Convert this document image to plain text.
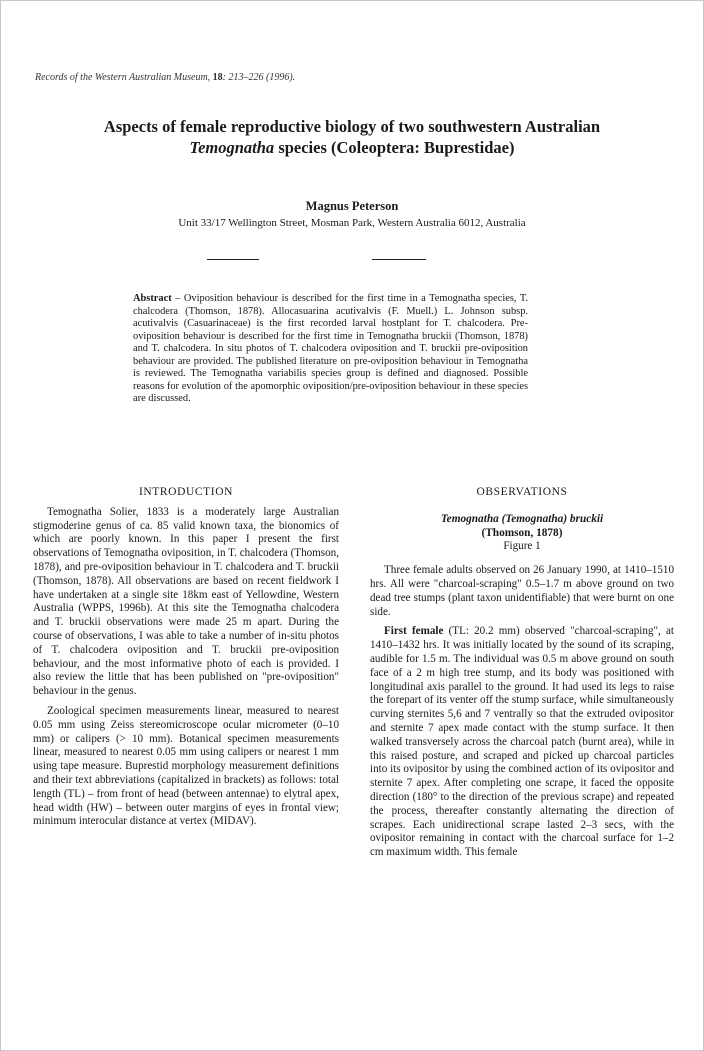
Records of the Western Australian Museum, 18: 213–226 (1996).
Aspects of female reproductive biology of two southwestern Australian
Temognatha species (Coleoptera: Buprestidae)
Magnus Peterson
Unit 33/17 Wellington Street, Mosman Park, Western Australia 6012, Australia
Abstract – Oviposition behaviour is described for the first time in a Temognatha species, T. chalcodera (Thomson, 1878). Allocasuarina acutivalvis (F. Muell.) L. Johnson subsp. acutivalvis (Casuarinaceae) is the first recorded larval hostplant for T. chalcodera. Pre-oviposition behaviour is described for the first time in Temognatha bruckii (Thomson, 1878) and T. chalcodera. In situ photos of T. chalcodera oviposition and T. bruckii pre-oviposition behaviour are provided. The published literature on pre-oviposition behaviour in Temognatha is reviewed. The Temognatha variabilis species group is defined and diagnosed. Possible reasons for evolution of the apomorphic oviposition/pre-oviposition behaviour in these species are discussed.
INTRODUCTION

Temognatha Solier, 1833 is a moderately large Australian stigmoderine genus of ca. 85 valid known taxa, the bionomics of which are poorly known. In this paper I present the first observations of Temognatha oviposition, in T. chalcodera (Thomson, 1878), and pre-oviposition behaviour in T. chalcodera and T. bruckii (Thomson, 1878). All observations are based on recent fieldwork I have undertaken at a single site 18km east of Yellowdine, Western Australia (WPPS, 1996b). At this site the Temognatha chalcodera and T. bruckii observations were made 25 m apart. During the course of observations, I was able to take a number of in-situ photos of T. chalcodera oviposition and T. bruckii pre-oviposition behaviour, and the most informative photo of each is provided. I also review the little that has been published on "pre-oviposition" behaviour in the genus.

Zoological specimen measurements linear, measured to nearest 0.05 mm using Zeiss stereomicroscope ocular micrometer (0–10 mm) or calipers (> 10 mm). Botanical specimen measurements linear, measured to nearest 0.05 mm using calipers or nearest 1 mm using tape measure. Buprestid morphology measurement definitions and their text abbreviations (capitalized in brackets) as follows: total length (TL) – from front of head (between antennae) to elytral apex, head width (HW) – between outer margins of eyes in frontal view; minimum interocular distance at vertex (MIDAV).

OBSERVATIONS
Temognatha (Temognatha) bruckii
(Thomson, 1878)
Figure 1

Three female adults observed on 26 January 1990, at 1410–1510 hrs. All were "charcoal-scraping" 0.5–1.7 m above ground on two dead tree stumps (plant taxon unidentifiable) that were burnt on one side.

First female (TL: 20.2 mm) observed "charcoal-scraping", at 1410–1432 hrs. It was initially located by the sound of its scraping, audible for 1.5 m. The individual was 0.5 m above ground on south face of a 2 m high tree stump, and its body was positioned with longitudinal axis parallel to the ground. It had used its legs to raise the forepart of its venter off the stump surface, while simultaneously curving sternites 5,6 and 7 ventrally so that the extruded ovipositor and sternite 7 apex made contact with the stump surface. It then walked transversely across the charcoal patch (burnt area), while in this raised posture, and scraped and picked up charcoal particles into its ovipositor by using the combined action of its ovipositor and sternite 7 apex. After completing one scrape, it faced the opposite direction (180° to the direction of the previous scrape) and repeated the process, thereafter constantly alternating the direction of scrapes. Each unidirectional scrape lasted 2–3 secs, with the ovipositor remaining in contact with the charcoal surface for 1–2 cm maximum width. This female
